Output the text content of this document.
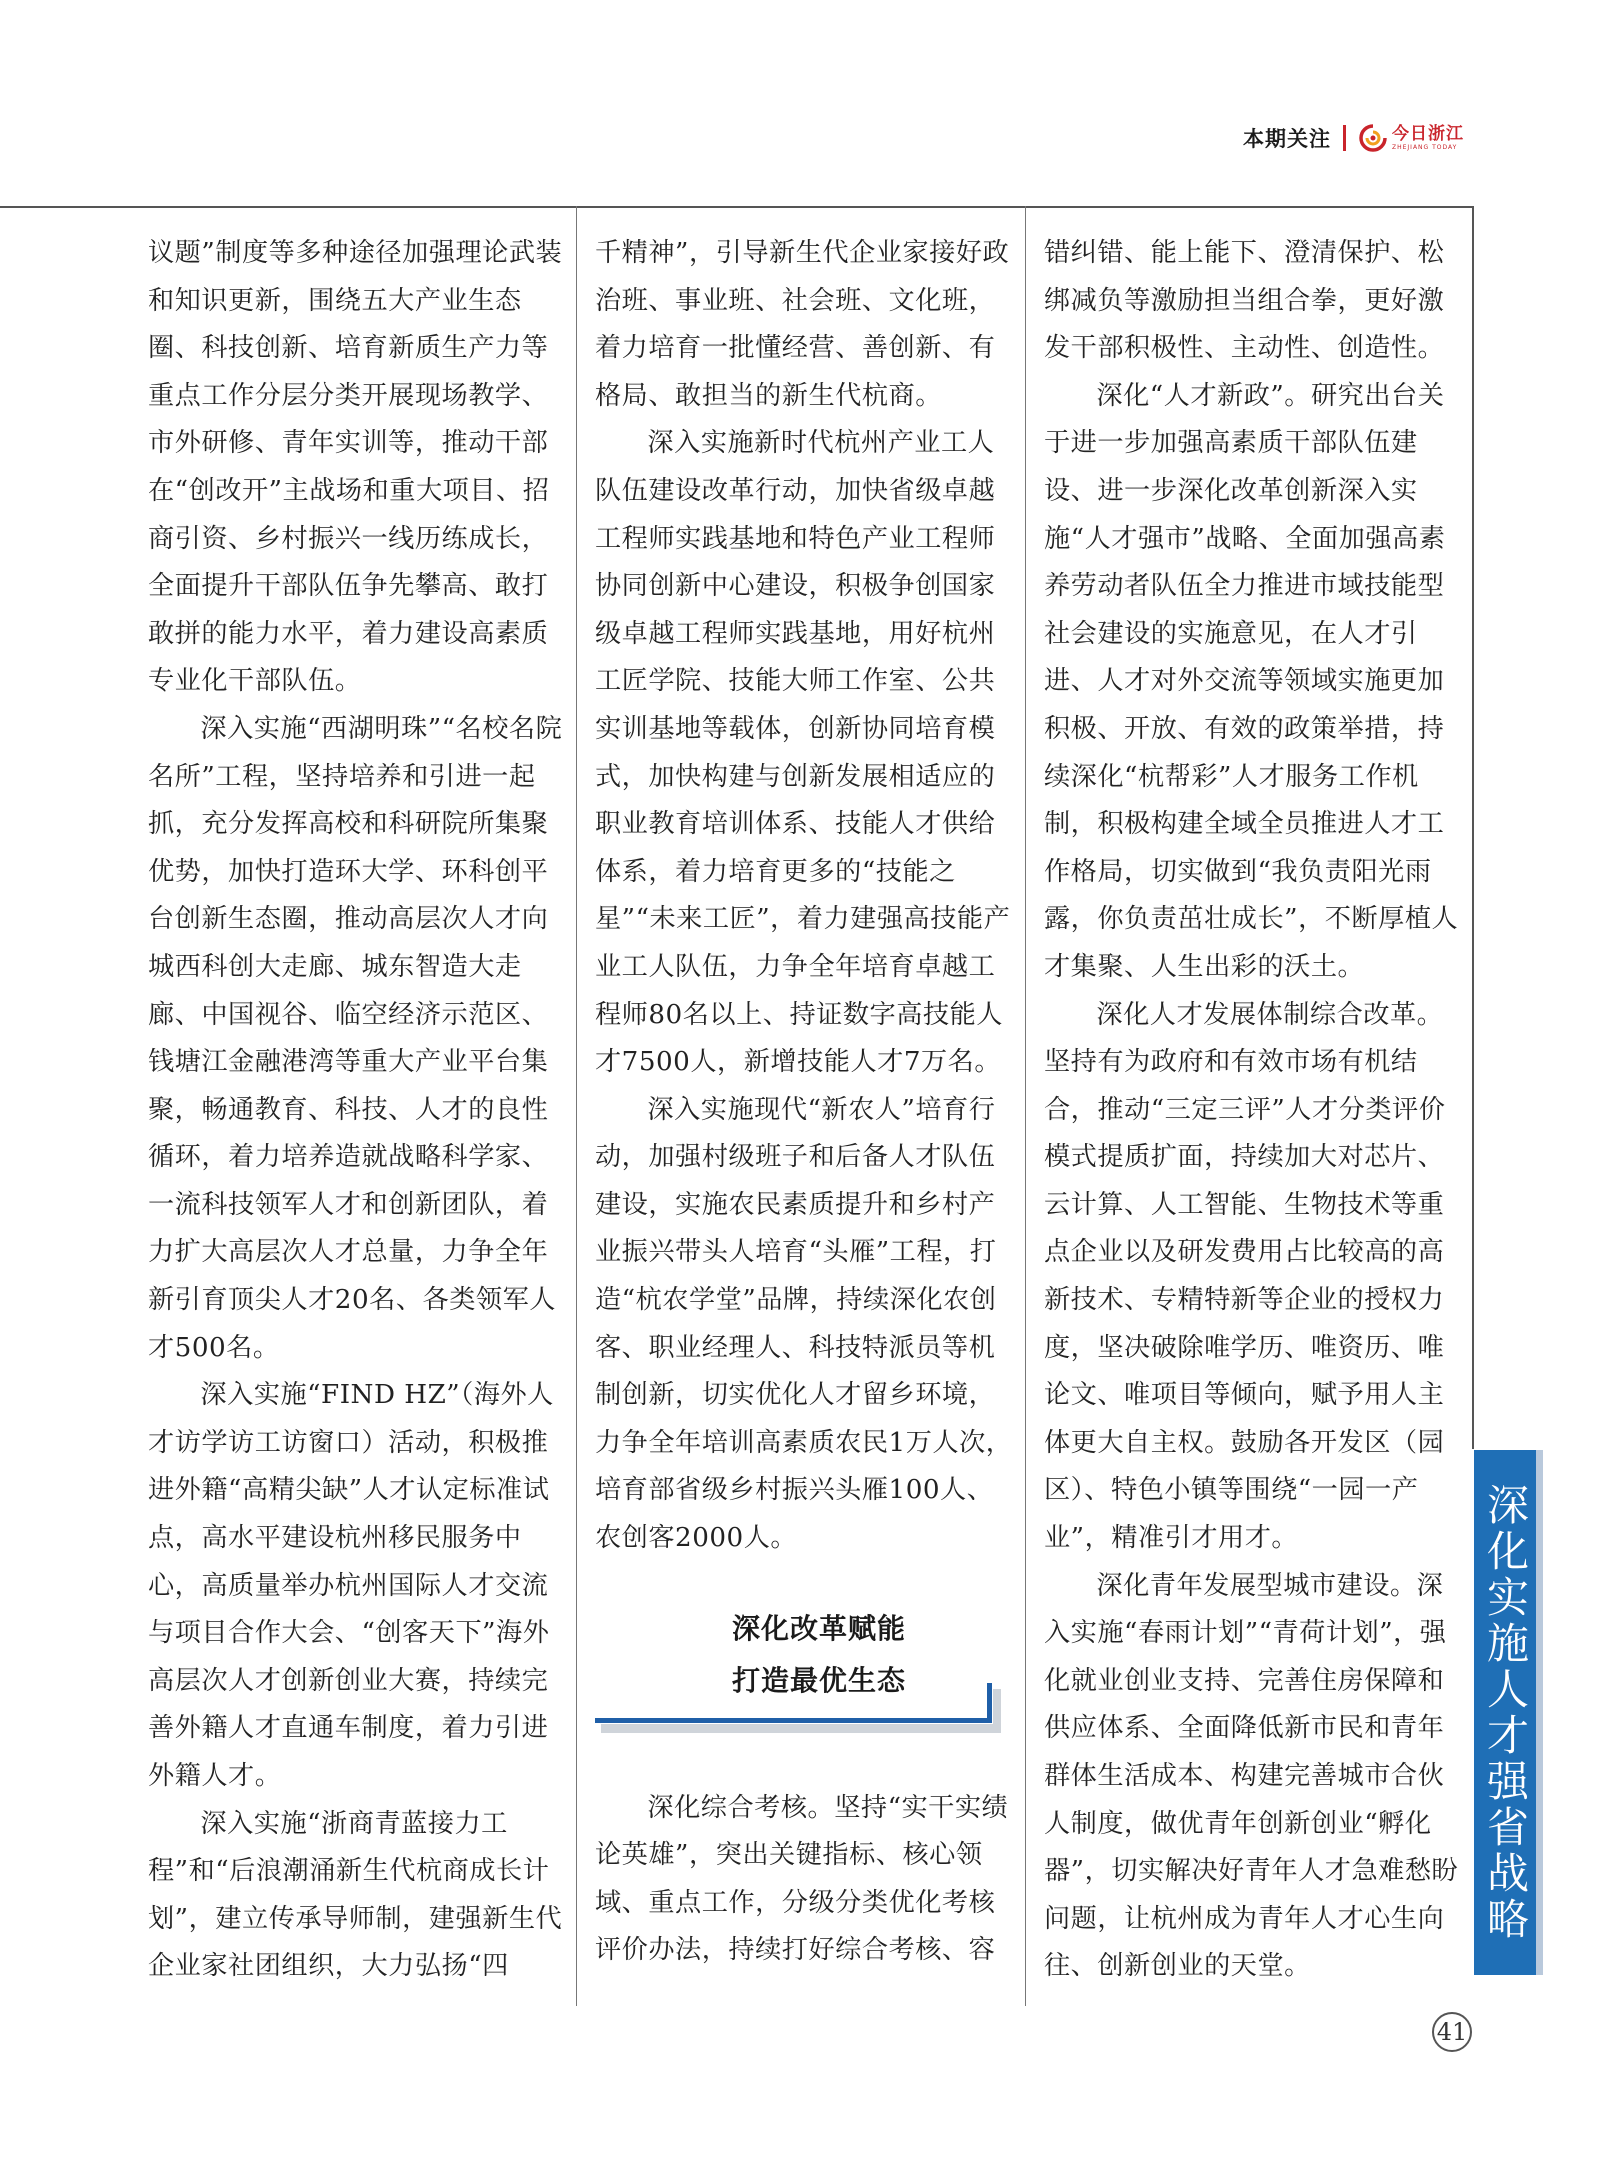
本期关注	今日浙江
ZHEJIANG TODAY

议题”制度等多种途径加强理论武装和知识更新，围绕五大产业生态圈、科技创新、培育新质生产力等重点工作分层分类开展现场教学、市外研修、青年实训等，推动干部在“创改开”主战场和重大项目、招商引资、乡村振兴一线历练成长，全面提升干部队伍争先攀高、敢打敢拼的能力水平，着力建设高素质专业化干部队伍。

深入实施“西湖明珠”“名校名院名所”工程，坚持培养和引进一起抓，充分发挥高校和科研院所集聚优势，加快打造环大学、环科创平台创新生态圈，推动高层次人才向城西科创大走廊、城东智造大走廊、中国视谷、临空经济示范区、钱塘江金融港湾等重大产业平台集聚，畅通教育、科技、人才的良性循环，着力培养造就战略科学家、一流科技领军人才和创新团队，着力扩大高层次人才总量，力争全年新引育顶尖人才20名、各类领军人才500名。

深入实施“FIND HZ”（海外人才访学访工访窗口）活动，积极推进外籍“高精尖缺”人才认定标准试点，高水平建设杭州移民服务中心，高质量举办杭州国际人才交流与项目合作大会、“创客天下”海外高层次人才创新创业大赛，持续完善外籍人才直通车制度，着力引进外籍人才。

深入实施“浙商青蓝接力工程”和“后浪潮涌新生代杭商成长计划”，建立传承导师制，建强新生代企业家社团组织，大力弘扬“四

千精神”，引导新生代企业家接好政治班、事业班、社会班、文化班，着力培育一批懂经营、善创新、有格局、敢担当的新生代杭商。

深入实施新时代杭州产业工人队伍建设改革行动，加快省级卓越工程师实践基地和特色产业工程师协同创新中心建设，积极争创国家级卓越工程师实践基地，用好杭州工匠学院、技能大师工作室、公共实训基地等载体，创新协同培育模式，加快构建与创新发展相适应的职业教育培训体系、技能人才供给体系，着力培育更多的“技能之星”“未来工匠”，着力建强高技能产业工人队伍，力争全年培育卓越工程师80名以上、持证数字高技能人才7500人，新增技能人才7万名。

深入实施现代“新农人”培育行动，加强村级班子和后备人才队伍建设，实施农民素质提升和乡村产业振兴带头人培育“头雁”工程，打造“杭农学堂”品牌，持续深化农创客、职业经理人、科技特派员等机制创新，切实优化人才留乡环境，力争全年培训高素质农民1万人次，培育部省级乡村振兴头雁100人、农创客2000人。

深化改革赋能
打造最优生态

深化综合考核。坚持“实干实绩论英雄”，突出关键指标、核心领域、重点工作，分级分类优化考核评价办法，持续打好综合考核、容

错纠错、能上能下、澄清保护、松绑减负等激励担当组合拳，更好激发干部积极性、主动性、创造性。

深化“人才新政”。研究出台关于进一步加强高素质干部队伍建设、进一步深化改革创新深入实施“人才强市”战略、全面加强高素养劳动者队伍全力推进市域技能型社会建设的实施意见，在人才引进、人才对外交流等领域实施更加积极、开放、有效的政策举措，持续深化“杭帮彩”人才服务工作机制，积极构建全域全员推进人才工作格局，切实做到“我负责阳光雨露，你负责茁壮成长”，不断厚植人才集聚、人生出彩的沃土。

深化人才发展体制综合改革。坚持有为政府和有效市场有机结合，推动“三定三评”人才分类评价模式提质扩面，持续加大对芯片、云计算、人工智能、生物技术等重点企业以及研发费用占比较高的高新技术、专精特新等企业的授权力度，坚决破除唯学历、唯资历、唯论文、唯项目等倾向，赋予用人主体更大自主权。鼓励各开发区（园区）、特色小镇等围绕“一园一产业”，精准引才用才。

深化青年发展型城市建设。深入实施“春雨计划”“青荷计划”，强化就业创业支持、完善住房保障和供应体系、全面降低新市民和青年群体生活成本、构建完善城市合伙人制度，做优青年创新创业“孵化器”，切实解决好青年人才急难愁盼问题，让杭州成为青年人才心生向往、创新创业的天堂。

深化实施人才强省战略
41
